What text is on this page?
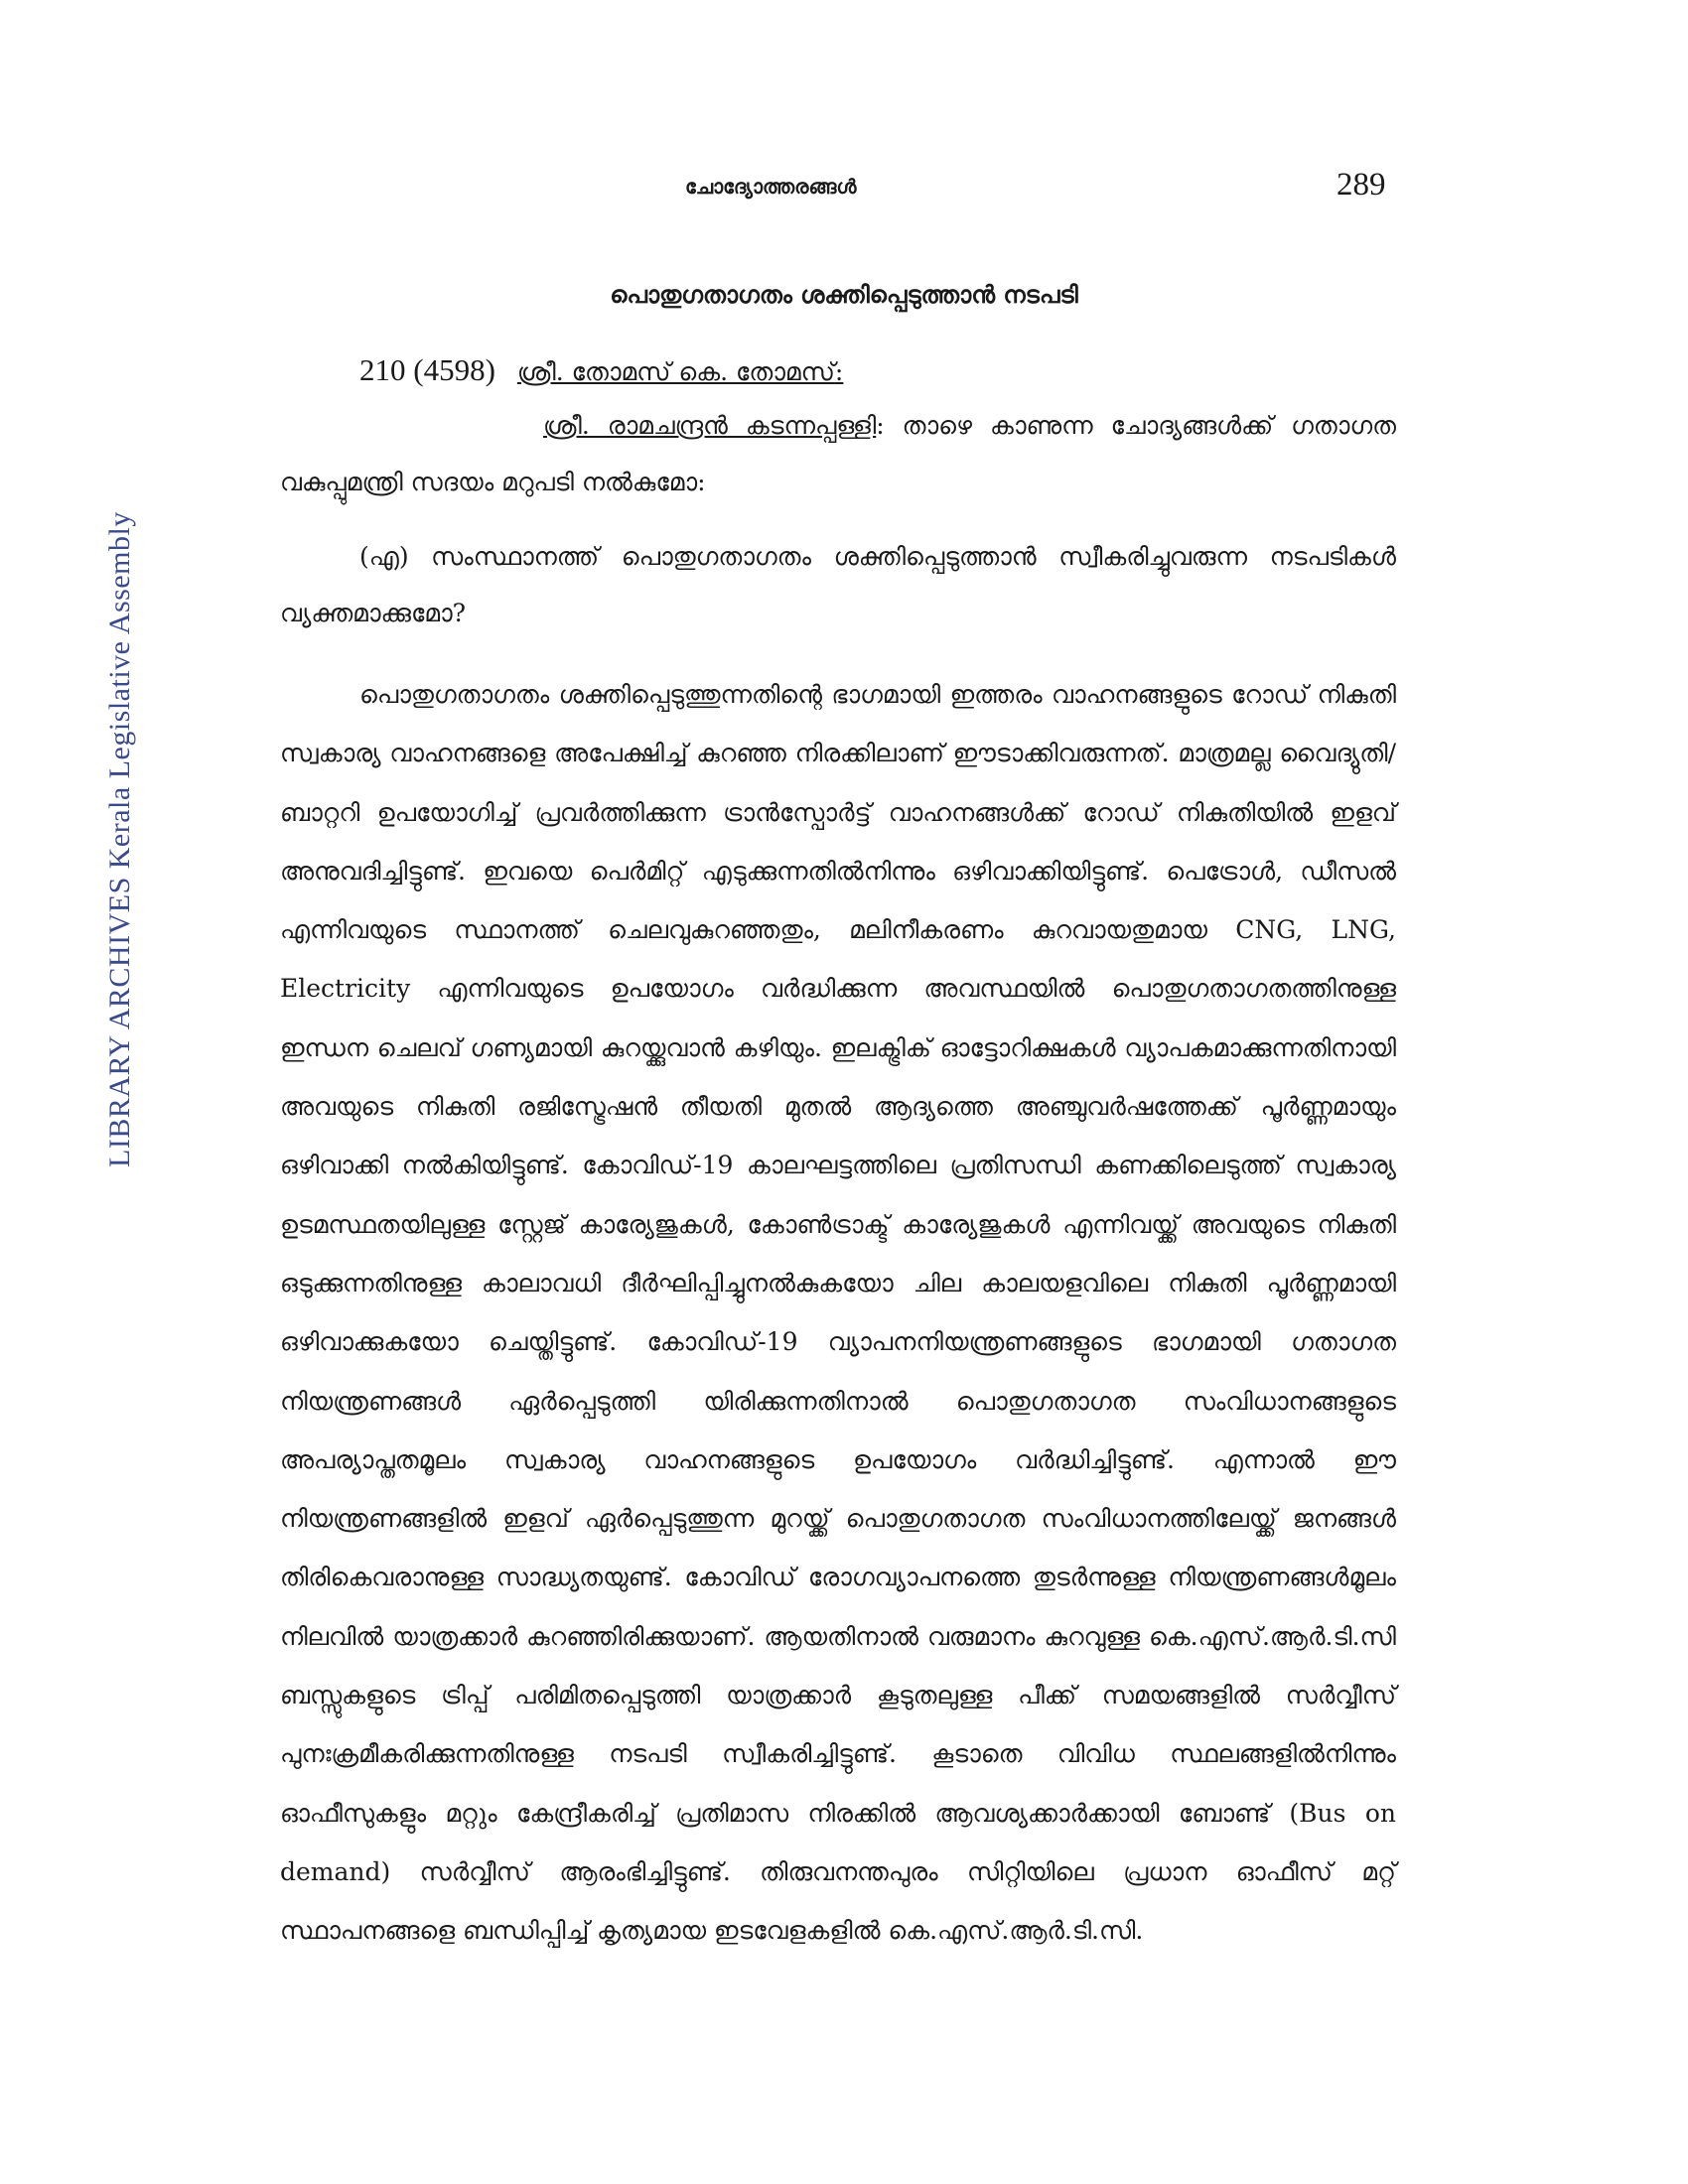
ചോദ്യോത്തരങ്ങൾ	289
LIBRARY ARCHIVES Kerala Legislative Assembly
പൊതുഗതാഗതം ശക്തിപ്പെടുത്താൻ നടപടി
210 (4598) ശ്രീ. തോമസ് കെ. തോമസ്:
ശ്രീ. രാമചന്ദ്രൻ കടന്നപ്പള്ളി: താഴെ കാണുന്ന ചോദ്യങ്ങൾക്ക് ഗതാഗത വകുപ്പുമന്ത്രി സദയം മറുപടി നൽകുമോ:
(എ) സംസ്ഥാനത്ത് പൊതുഗതാഗതം ശക്തിപ്പെടുത്താൻ സ്വീകരിച്ചുവരുന്ന നടപടികൾ വ്യക്തമാക്കുമോ?
പൊതുഗതാഗതം ശക്തിപ്പെടുത്തുന്നതിന്റെ ഭാഗമായി ഇത്തരം വാഹനങ്ങളുടെ റോഡ് നികുതി സ്വകാര്യ വാഹനങ്ങളെ അപേക്ഷിച്ച് കുറഞ്ഞ നിരക്കിലാണ് ഈടാക്കിവരുന്നത്. മാത്രമല്ല വൈദ്യുതി/ബാറ്ററി ഉപയോഗിച്ച് പ്രവർത്തിക്കുന്ന ട്രാൻസ്പോർട്ട് വാഹനങ്ങൾക്ക് റോഡ് നികുതിയിൽ ഇളവ് അനുവദിച്ചിട്ടുണ്ട്. ഇവയെ പെർമിറ്റ് എടുക്കുന്നതിൽനിന്നും ഒഴിവാക്കിയിട്ടുണ്ട്. പെട്രോൾ, ഡീസൽ എന്നിവയുടെ സ്ഥാനത്ത് ചെലവുകുറഞ്ഞതും, മലിനീകരണം കുറവായതുമായ CNG, LNG, Electricity എന്നിവയുടെ ഉപയോഗം വർദ്ധിക്കുന്ന അവസ്ഥയിൽ പൊതുഗതാഗതത്തിനുള്ള ഇന്ധന ചെലവ് ഗണ്യമായി കുറയ്ക്കുവാൻ കഴിയും. ഇലക്ട്രിക് ഓട്ടോറിക്ഷകൾ വ്യാപകമാക്കുന്നതിനായി അവയുടെ നികുതി രജിസ്ട്രേഷൻ തീയതി മുതൽ ആദ്യത്തെ അഞ്ചുവർഷത്തേക്ക് പൂർണ്ണമായും ഒഴിവാക്കി നൽകിയിട്ടുണ്ട്. കോവിഡ്-19 കാലഘട്ടത്തിലെ പ്രതിസന്ധി കണക്കിലെടുത്ത് സ്വകാര്യ ഉടമസ്ഥതയിലുള്ള സ്റ്റേജ് കാര്യേജുകൾ, കോൺട്രാക്ട് കാര്യേജുകൾ എന്നിവയ്ക്ക് അവയുടെ നികുതി ഒടുക്കുന്നതിനുള്ള കാലാവധി ദീർഘിപ്പിച്ചുനൽകുകയോ ചില കാലയളവിലെ നികുതി പൂർണ്ണമായി ഒഴിവാക്കുകയോ ചെയ്തിട്ടുണ്ട്. കോവിഡ്-19 വ്യാപനനിയന്ത്രണങ്ങളുടെ ഭാഗമായി ഗതാഗത നിയന്ത്രണങ്ങൾ ഏർപ്പെടുത്തി യിരിക്കുന്നതിനാൽ പൊതുഗതാഗത സംവിധാനങ്ങളുടെ അപര്യാപ്തതമൂലം സ്വകാര്യ വാഹനങ്ങളുടെ ഉപയോഗം വർദ്ധിച്ചിട്ടുണ്ട്. എന്നാൽ ഈ നിയന്ത്രണങ്ങളിൽ ഇളവ് ഏർപ്പെടുത്തുന്ന മുറയ്ക്ക് പൊതുഗതാഗത സംവിധാനത്തിലേയ്ക്ക് ജനങ്ങൾ തിരികെവരാനുള്ള സാദ്ധ്യതയുണ്ട്. കോവിഡ് രോഗവ്യാപനത്തെ തുടർന്നുള്ള നിയന്ത്രണങ്ങൾമൂലം നിലവിൽ യാത്രക്കാർ കുറഞ്ഞിരിക്കുയാണ്. ആയതിനാൽ വരുമാനം കുറവുള്ള കെ.എസ്.ആർ.ടി.സി ബസ്സുകളുടെ ട്രിപ്പ് പരിമിതപ്പെടുത്തി യാത്രക്കാർ കൂടുതലുള്ള പീക്ക് സമയങ്ങളിൽ സർവ്വീസ് പുനഃക്രമീകരിക്കുന്നതിനുള്ള നടപടി സ്വീകരിച്ചിട്ടുണ്ട്. കൂടാതെ വിവിധ സ്ഥലങ്ങളിൽനിന്നും ഓഫീസുകളും മറ്റും കേന്ദ്രീകരിച്ച് പ്രതിമാസ നിരക്കിൽ ആവശ്യക്കാർക്കായി ബോണ്ട് (Bus on demand) സർവ്വീസ് ആരംഭിച്ചിട്ടുണ്ട്. തിരുവനന്തപുരം സിറ്റിയിലെ പ്രധാന ഓഫീസ് മറ്റ് സ്ഥാപനങ്ങളെ ബന്ധിപ്പിച്ച് കൃത്യമായ ഇടവേളകളിൽ കെ.എസ്.ആർ.ടി.സി.
